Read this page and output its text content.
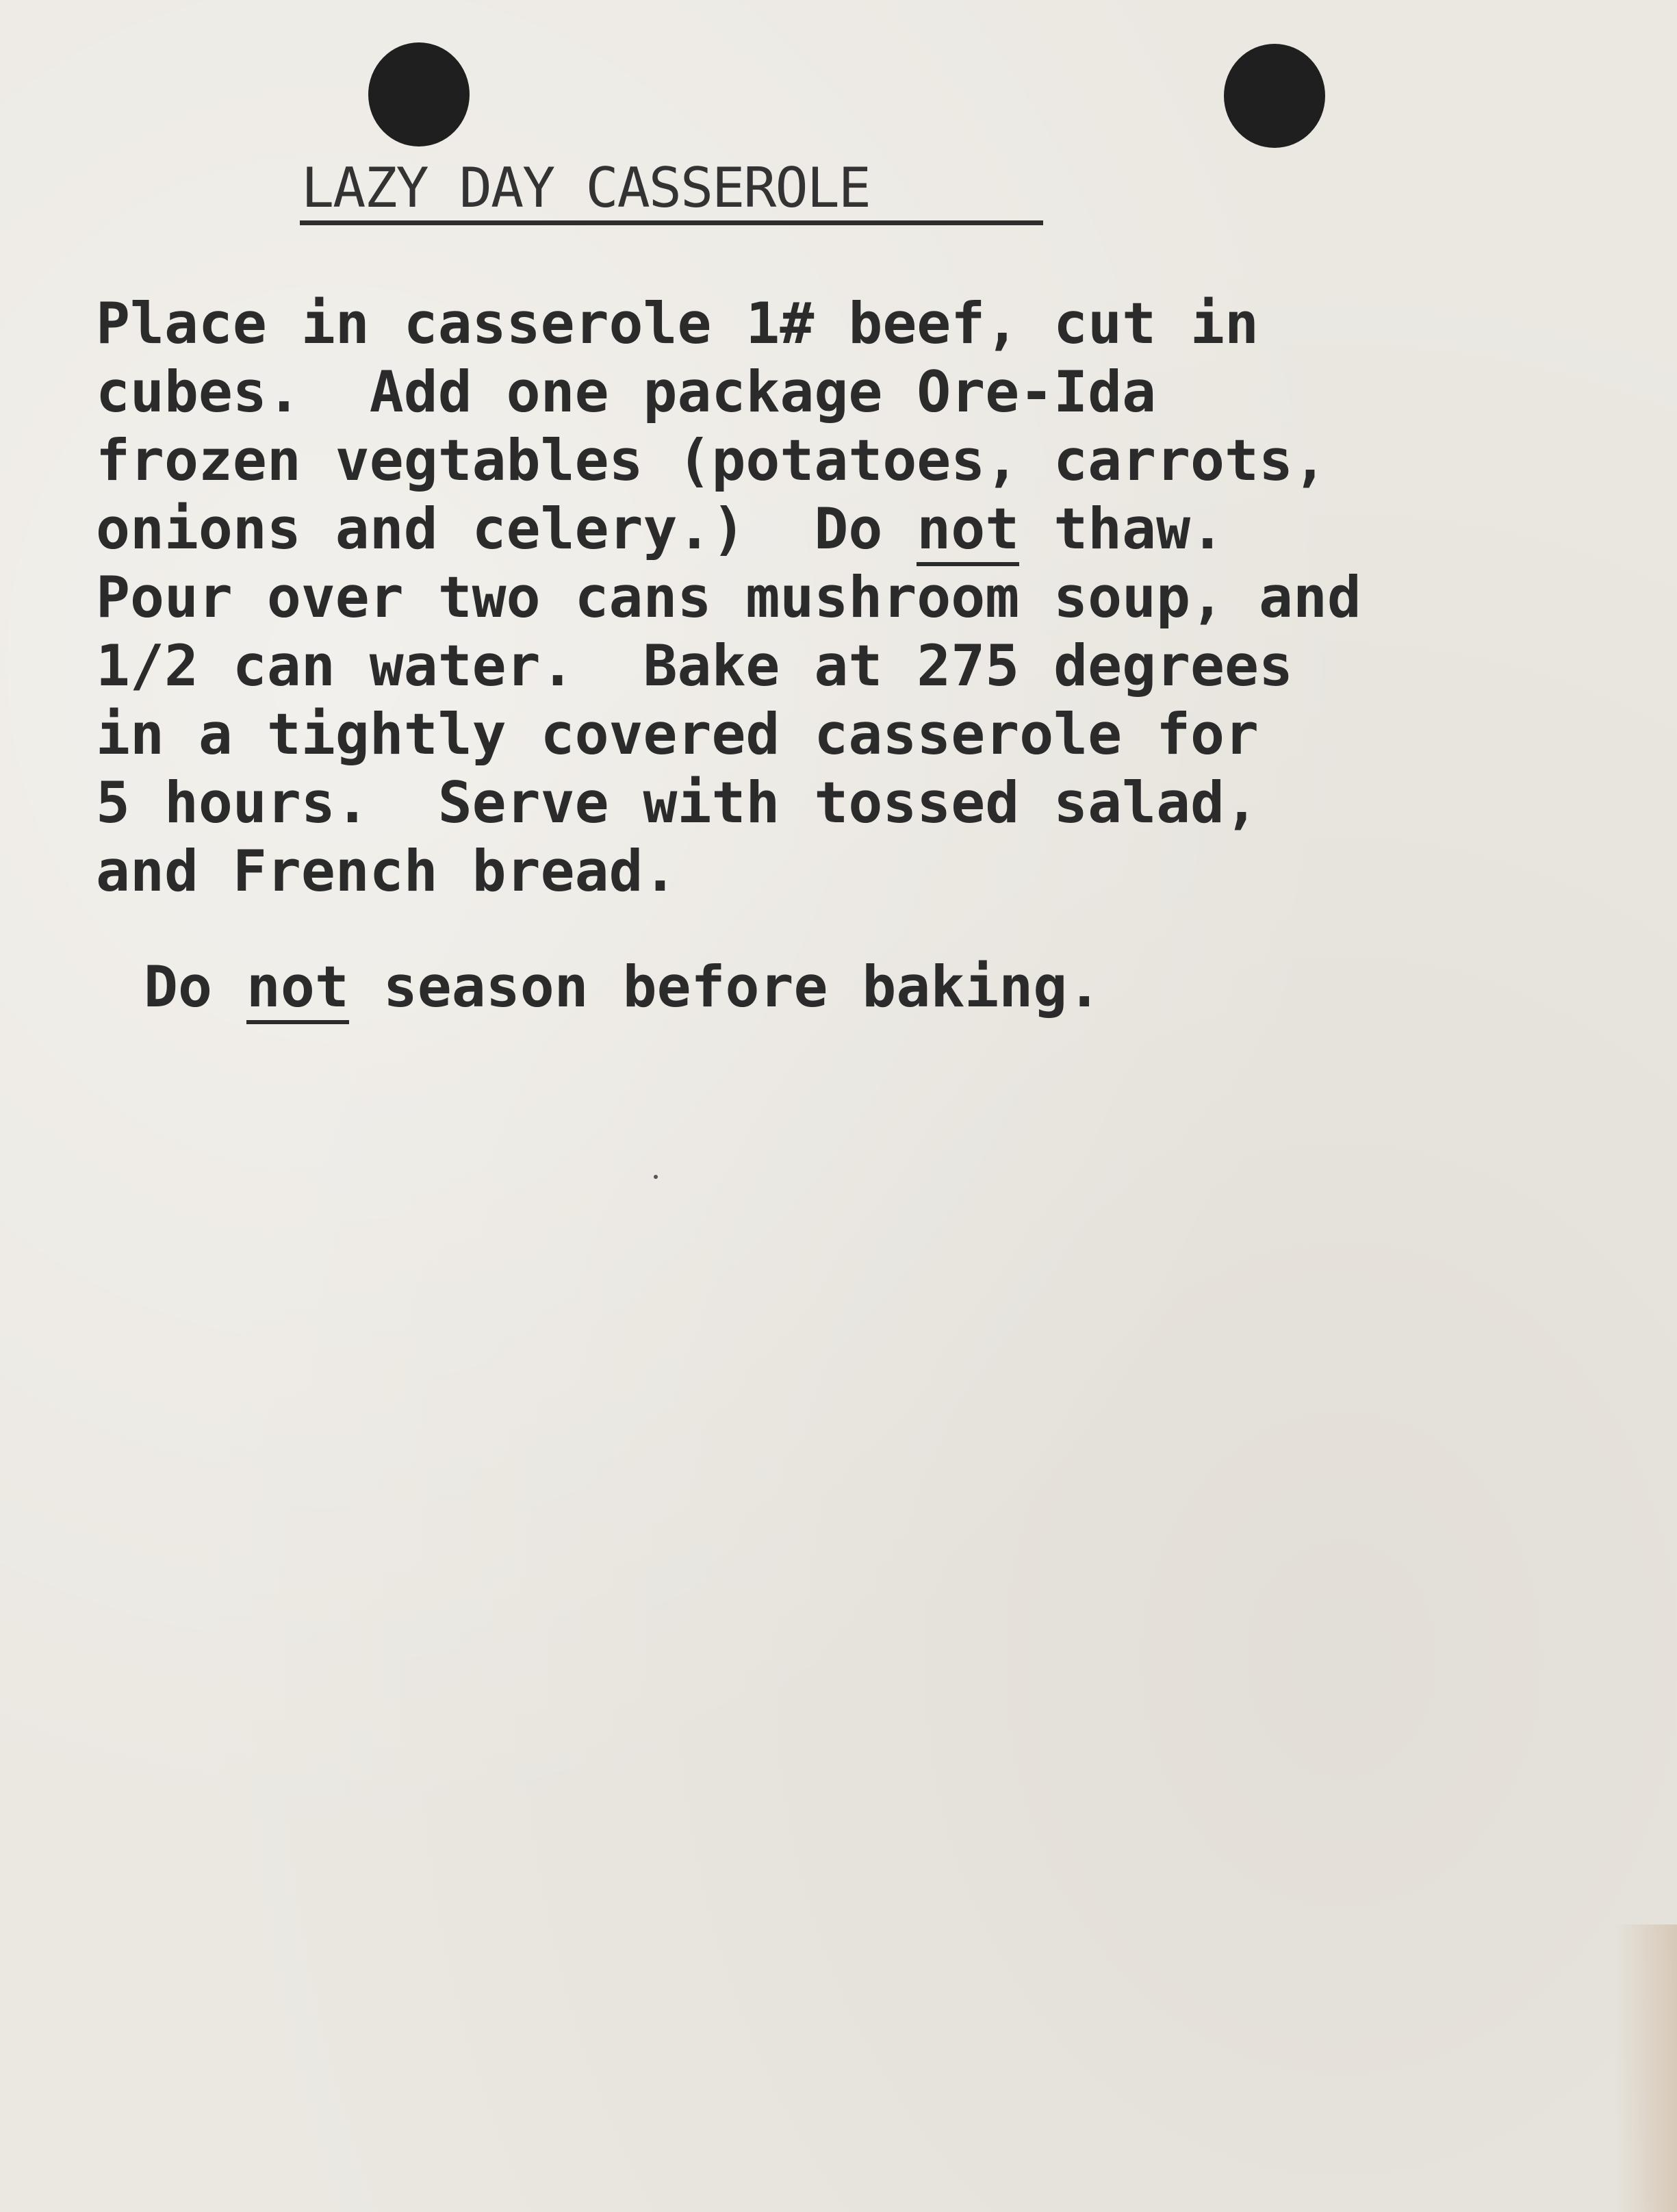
LAZY DAY CASSEROLE
Place in casserole 1# beef, cut in
cubes.  Add one package Ore-Ida
frozen vegtables (potatoes, carrots,
onions and celery.)  Do not thaw.
Pour over two cans mushroom soup, and
1/2 can water.  Bake at 275 degrees
in a tightly covered casserole for
5 hours.  Serve with tossed salad,
and French bread.
Do not season before baking.
